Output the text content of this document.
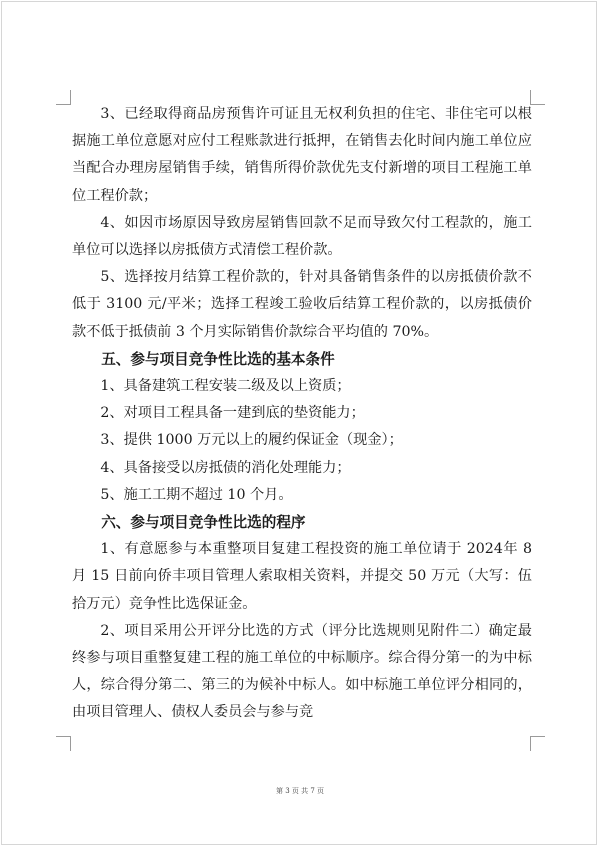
3、已经取得商品房预售许可证且无权利负担的住宅、非住宅可以根据施工单位意愿对应付工程账款进行抵押，在销售去化时间内施工单位应当配合办理房屋销售手续，销售所得价款优先支付新增的项目工程施工单位工程价款；

4、如因市场原因导致房屋销售回款不足而导致欠付工程款的，施工单位可以选择以房抵债方式清偿工程价款。

5、选择按月结算工程价款的，针对具备销售条件的以房抵债价款不低于 3100 元/平米；选择工程竣工验收后结算工程价款的，以房抵债价款不低于抵债前 3 个月实际销售价款综合平均值的 70%。

五、参与项目竞争性比选的基本条件

1、具备建筑工程安装二级及以上资质；

2、对项目工程具备一建到底的垫资能力；

3、提供 1000 万元以上的履约保证金（现金）；

4、具备接受以房抵债的消化处理能力；

5、施工工期不超过 10 个月。

六、参与项目竞争性比选的程序

1、有意愿参与本重整项目复建工程投资的施工单位请于 2024年 8 月 15 日前向侨丰项目管理人索取相关资料，并提交 50 万元（大写：伍拾万元）竞争性比选保证金。

2、项目采用公开评分比选的方式（评分比选规则见附件二）确定最终参与项目重整复建工程的施工单位的中标顺序。综合得分第一的为中标人，综合得分第二、第三的为候补中标人。如中标施工单位评分相同的，由项目管理人、债权人委员会与参与竞

第 3 页 共 7 页
